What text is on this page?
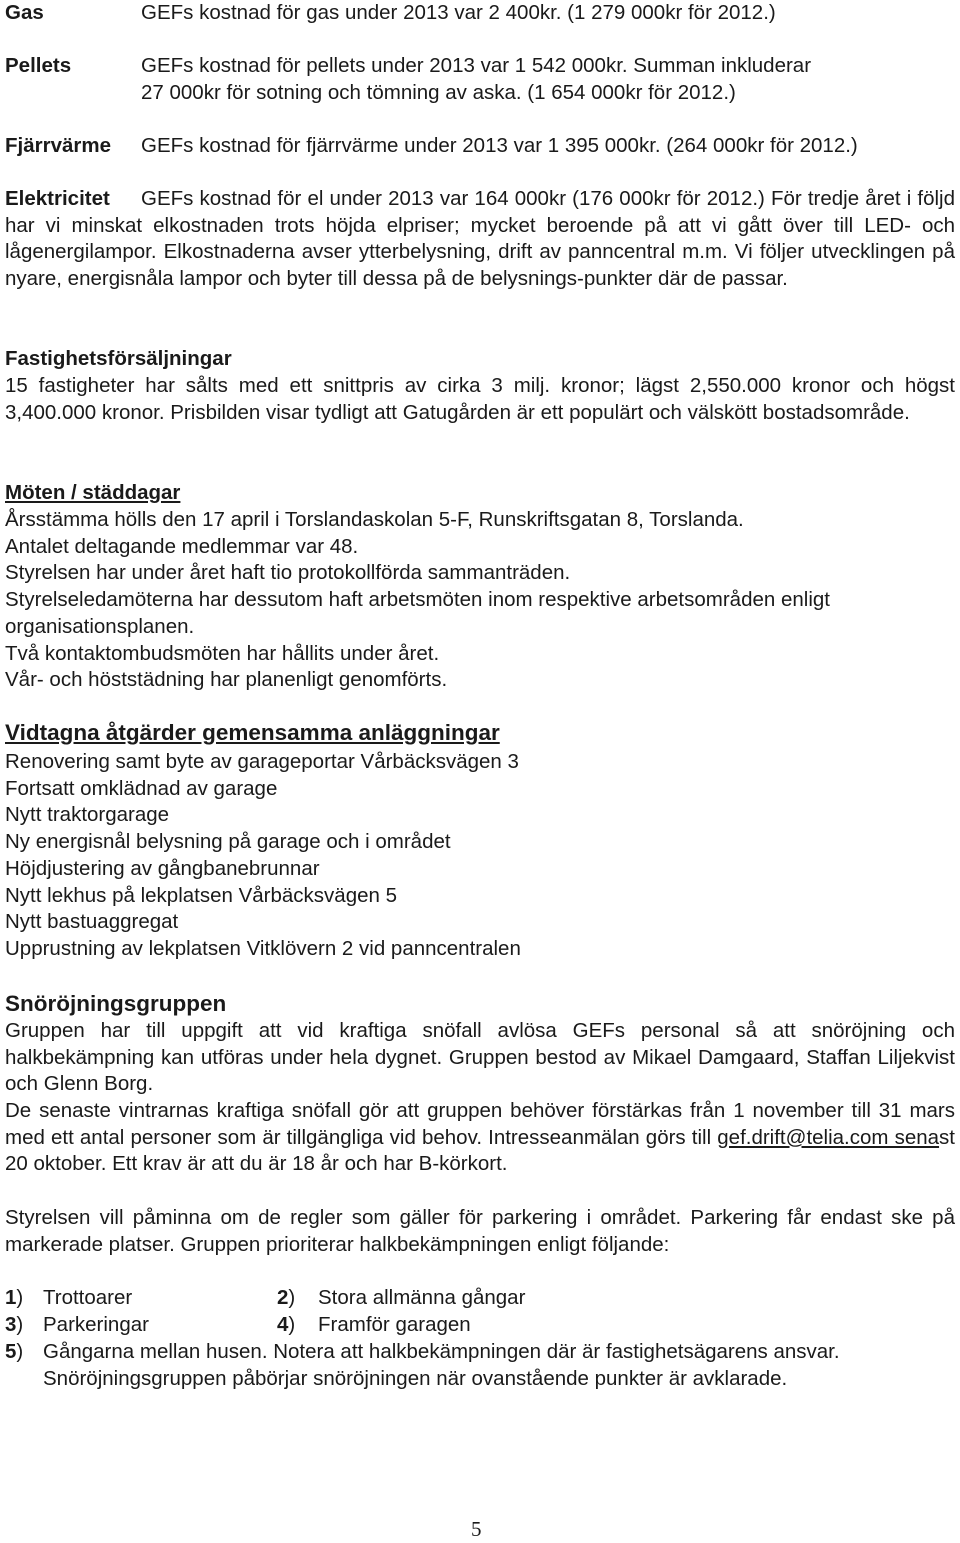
Gas	GEFs kostnad för gas under 2013 var 2 400kr. (1 279 000kr för 2012.)
Pellets	GEFs kostnad för pellets under 2013 var 1 542 000kr. Summan inkluderar
27 000kr för sotning och tömning av aska. (1 654 000kr för 2012.)
Fjärrvärme GEFs kostnad för fjärrvärme under 2013 var 1 395 000kr. (264 000kr för 2012.)

Elektricitet GEFs kostnad för el under 2013 var 164 000kr (176 000kr för 2012.) För tredje året i följd har vi minskat elkostnaden trots höjda elpriser; mycket beroende på att vi gått över till LED- och lågenergilampor. Elkostnaderna avser ytterbelysning, drift av panncentral m.m. Vi följer utvecklingen på nyare, energisnåla lampor och byter till dessa på de belysnings-punkter där de passar.

Fastighetsförsäljningar

15 fastigheter har sålts med ett snittpris av cirka 3 milj. kronor; lägst 2,550.000 kronor och högst 3,400.000 kronor. Prisbilden visar tydligt att Gatugården är ett populärt och välskött bostadsområde.

Möten / städdagar
Årsstämma hölls den 17 april i Torslandaskolan 5-F, Runskriftsgatan 8, Torslanda.
Antalet deltagande medlemmar var 48.
Styrelsen har under året haft tio protokollförda sammanträden.
Styrelseledamöterna har dessutom haft arbetsmöten inom respektive arbetsområden enligt
organisationsplanen.
Två kontaktombudsmöten har hållits under året.
Vår- och höststädning har planenligt genomförts.
Vidtagna åtgärder gemensamma anläggningar
Renovering samt byte av garageportar Vårbäcksvägen 3
Fortsatt omklädnad av garage
Nytt traktorgarage
Ny energisnål belysning på garage och i området
Höjdjustering av gångbanebrunnar
Nytt lekhus på lekplatsen Vårbäcksvägen 5
Nytt bastuaggregat
Upprustning av lekplatsen Vitklövern 2 vid panncentralen
Snöröjningsgruppen

Gruppen har till uppgift att vid kraftiga snöfall avlösa GEFs personal så att snöröjning och halkbekämpning kan utföras under hela dygnet. Gruppen bestod av Mikael Damgaard, Staffan Liljekvist och Glenn Borg.

De senaste vintrarnas kraftiga snöfall gör att gruppen behöver förstärkas från 1 november till 31 mars med ett antal personer som är tillgängliga vid behov. Intresseanmälan görs till gef.drift@telia.com senast 20 oktober. Ett krav är att du är 18 år och har B-körkort.

Styrelsen vill påminna om de regler som gäller för parkering i området. Parkering får endast ske på markerade platser. Gruppen prioriterar halkbekämpningen enligt följande:

1) Trottoarer	2) Stora allmänna gångar
3) Parkeringar	4) Framför garagen
5) Gångarna mellan husen. Notera att halkbekämpningen där är fastighetsägarens ansvar.
Snöröjningsgruppen påbörjar snöröjningen när ovanstående punkter är avklarade.
5
